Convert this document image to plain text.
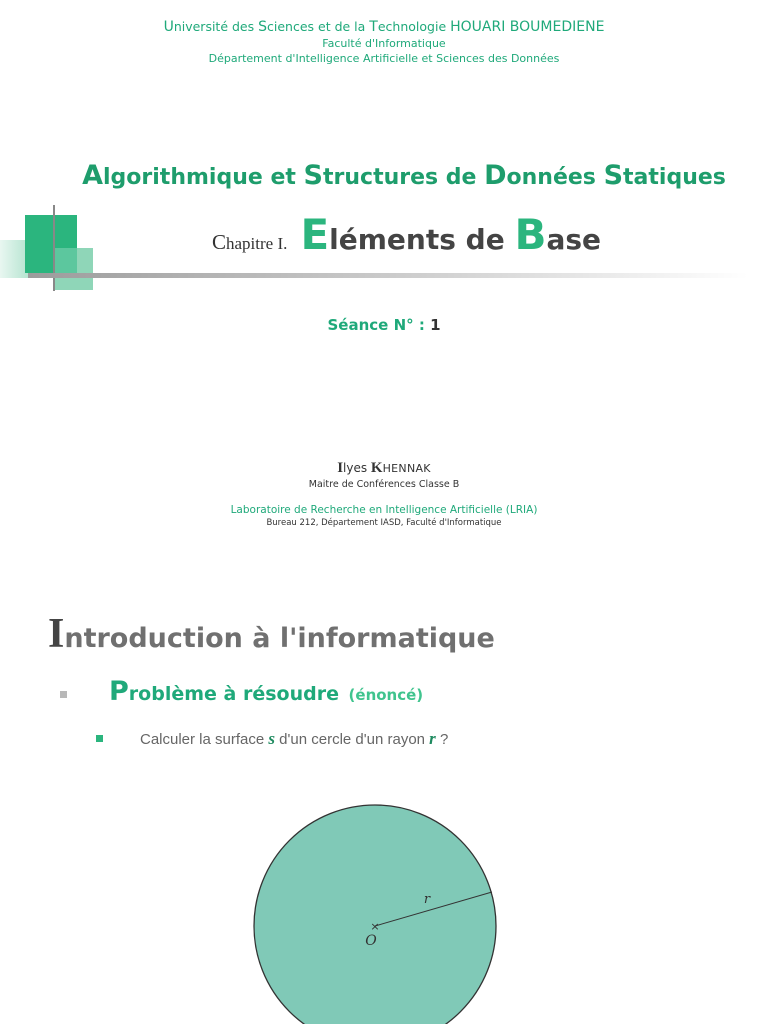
Université des Sciences et de la Technologie HOUARI BOUMEDIENE
Faculté d'Informatique
Département d'Intelligence Artificielle et Sciences des Données
Algorithmique et Structures de Données Statiques
Chapitre I. Eléments de Base
Séance N° : 1
Ilyes KHENNAK
Maitre de Conférences Classe B
Laboratoire de Recherche en Intelligence Artificielle (LRIA)
Bureau 212, Département IASD, Faculté d'Informatique
Introduction à l'informatique
Problème à résoudre (énoncé)
Calculer la surface s d'un cercle d'un rayon r ?
×
O
r
